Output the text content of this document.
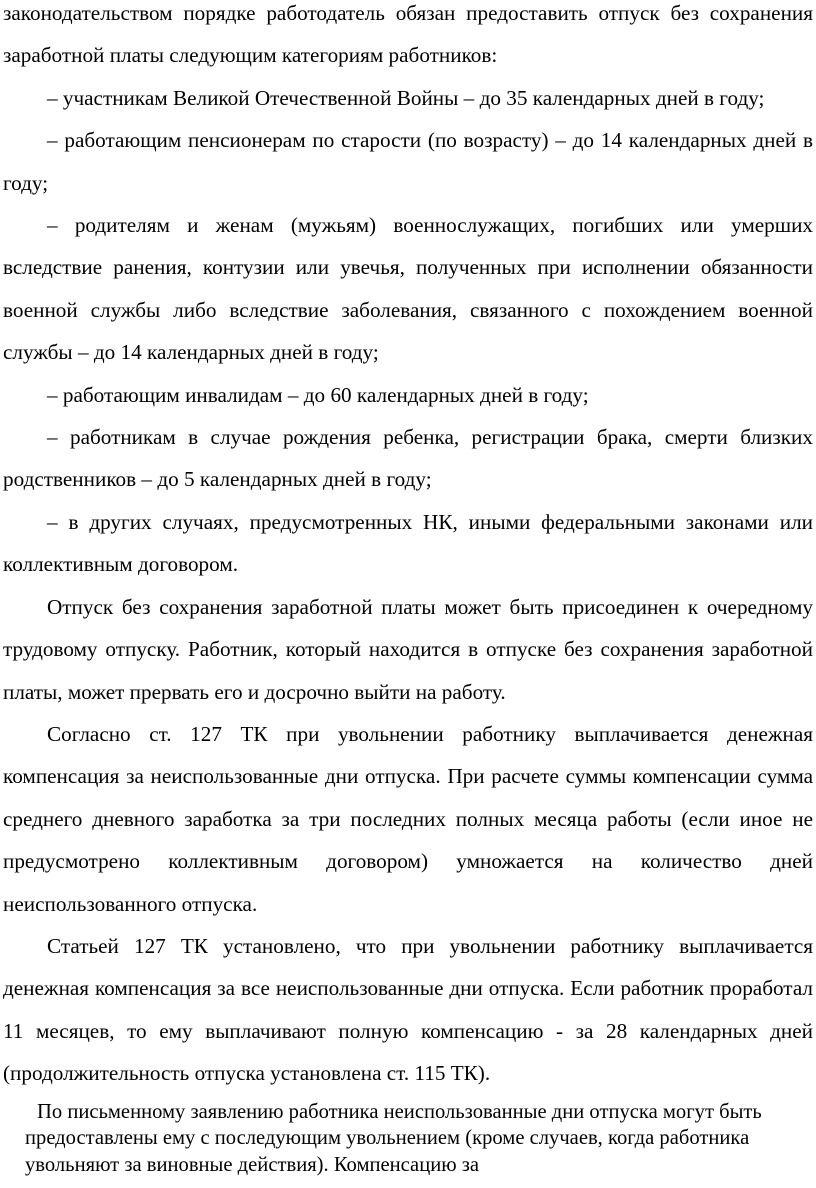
законодательством порядке работодатель обязан предоставить отпуск без сохранения заработной платы следующим категориям работников:

– участникам Великой Отечественной Войны – до 35 календарных дней в году;

– работающим пенсионерам по старости (по возрасту) – до 14 календарных дней в году;

– родителям и женам (мужьям) военнослужащих, погибших или умерших вследствие ранения, контузии или увечья, полученных при исполнении обязанности военной службы либо вследствие заболевания, связанного с похождением военной службы – до 14 календарных дней в году;

– работающим инвалидам – до 60 календарных дней в году;

– работникам в случае рождения ребенка, регистрации брака, смерти близких родственников – до 5 календарных дней в году;

– в других случаях, предусмотренных НК, иными федеральными законами или коллективным договором.

Отпуск без сохранения заработной платы может быть присоединен к очередному трудовому отпуску. Работник, который находится в отпуске без сохранения заработной платы, может прервать его и досрочно выйти на работу.

Согласно ст. 127 ТК при увольнении работнику выплачивается денежная компенсация за неиспользованные дни отпуска. При расчете суммы компенсации сумма среднего дневного заработка за три последних полных месяца работы (если иное не предусмотрено коллективным договором) умножается на количество дней неиспользованного отпуска.

Статьей 127 ТК установлено, что при увольнении работнику выплачивается денежная компенсация за все неиспользованные дни отпуска. Если работник проработал 11 месяцев, то ему выплачивают полную компенсацию - за 28 календарных дней (продолжительность отпуска установлена ст. 115 ТК).

По письменному заявлению работника неиспользованные дни отпуска могут быть предоставлены ему с последующим увольнением (кроме случаев, когда работника увольняют за виновные действия). Компенсацию за
